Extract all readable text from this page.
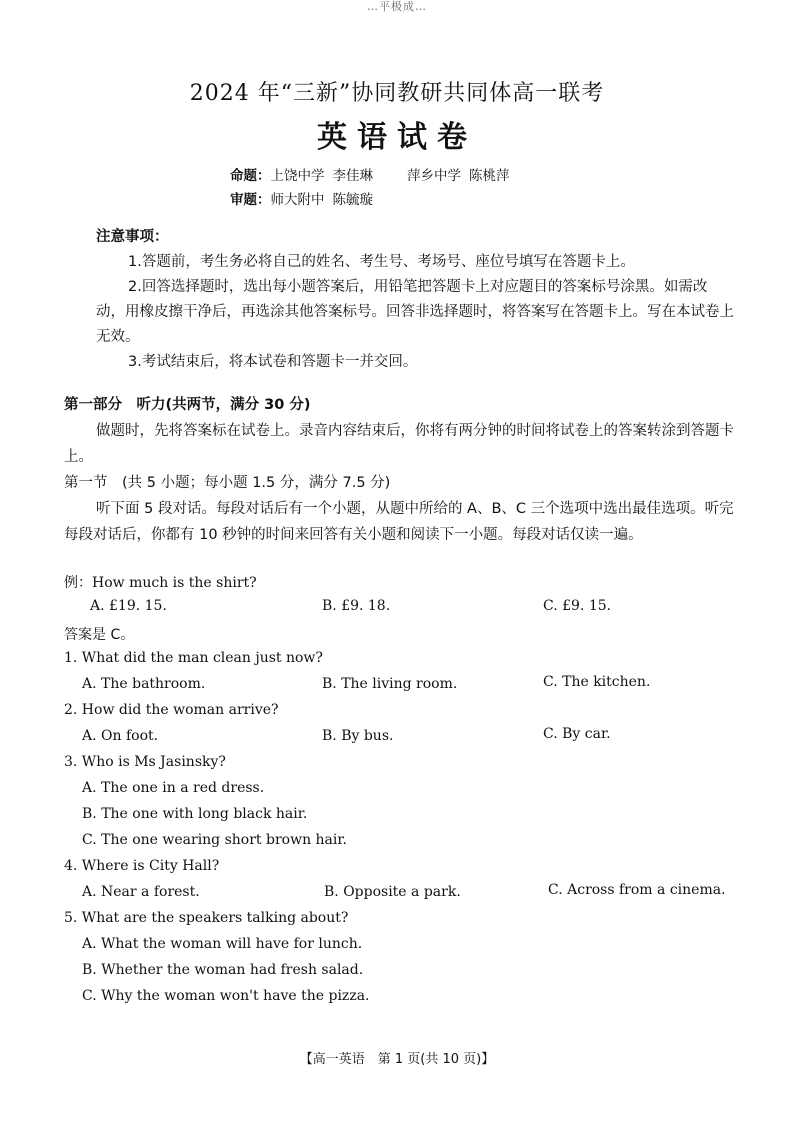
…平极成…
2024 年“三新”协同教研共同体高一联考
英语试卷
命题：上饶中学 李佳琳	萍乡中学 陈桃萍
审题：师大附中 陈毓璇
注意事项：
1.答题前，考生务必将自己的姓名、考生号、考场号、座位号填写在答题卡上。
2.回答选择题时，选出每小题答案后，用铅笔把答题卡上对应题目的答案标号涂黑。如需改动，用橡皮擦干净后，再选涂其他答案标号。回答非选择题时，将答案写在答题卡上。写在本试卷上无效。
3.考试结束后，将本试卷和答题卡一并交回。
第一部分　听力(共两节，满分 30 分)
做题时，先将答案标在试卷上。录音内容结束后，你将有两分钟的时间将试卷上的答案转涂到答题卡上。
第一节　(共 5 小题；每小题 1.5 分，满分 7.5 分)
听下面 5 段对话。每段对话后有一个小题，从题中所给的 A、B、C 三个选项中选出最佳选项。听完每段对话后，你都有 10 秒钟的时间来回答有关小题和阅读下一小题。每段对话仅读一遍。
例：How much is the shirt?
A. £19. 15.	B. £9. 18.	C. £9. 15.
答案是 C。
1. What did the man clean just now?
A. The bathroom.	B. The living room.	C. The kitchen.
2. How did the woman arrive?
A. On foot.	B. By bus.	C. By car.
3. Who is Ms Jasinsky?
A. The one in a red dress.
B. The one with long black hair.
C. The one wearing short brown hair.
4. Where is City Hall?
A. Near a forest.	B. Opposite a park.	C. Across from a cinema.
5. What are the speakers talking about?
A. What the woman will have for lunch.
B. Whether the woman had fresh salad.
C. Why the woman won't have the pizza.
【高一英语　第 1 页(共 10 页)】
